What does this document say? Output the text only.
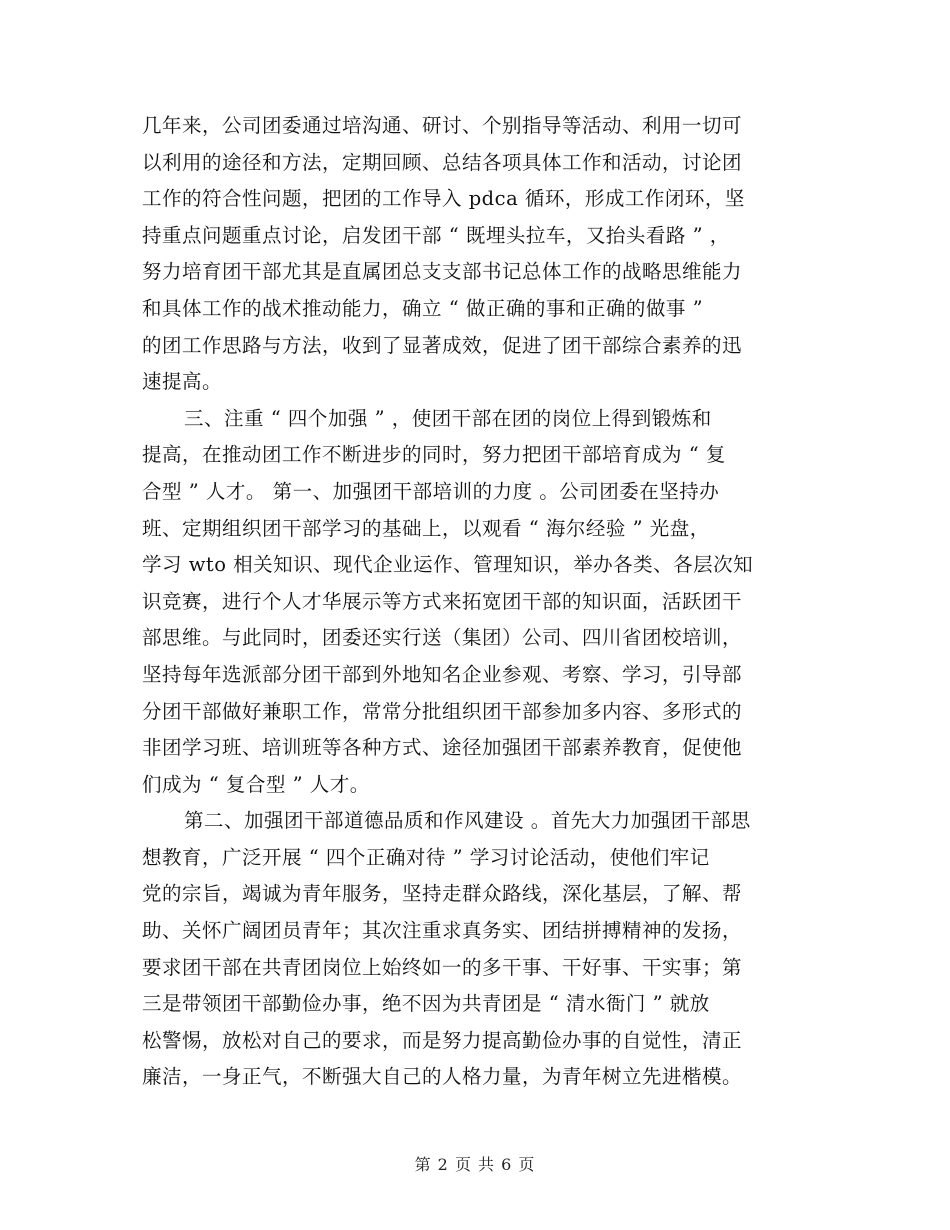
几年来，公司团委通过培沟通、研讨、个别指导等活动、利用一切可
以利用的途径和方法，定期回顾、总结各项具体工作和活动，讨论团
工作的符合性问题，把团的工作导入 pdca 循环，形成工作闭环，坚
持重点问题重点讨论，启发团干部 “ 既埋头拉车，又抬头看路 ” ，
努力培育团干部尤其是直属团总支支部书记总体工作的战略思维能力
和具体工作的战术推动能力，确立 “ 做正确的事和正确的做事 ”
的团工作思路与方法，收到了显著成效，促进了团干部综合素养的迅
速提高。

三、注重 “ 四个加强 ” ，使团干部在团的岗位上得到锻炼和
提高，在推动团工作不断进步的同时，努力把团干部培育成为 “ 复
合型 ” 人才。 第一、加强团干部培训的力度 。公司团委在坚持办
班、定期组织团干部学习的基础上，以观看 “ 海尔经验 ” 光盘，
学习 wto 相关知识、现代企业运作、管理知识，举办各类、各层次知
识竞赛，进行个人才华展示等方式来拓宽团干部的知识面，活跃团干
部思维。与此同时，团委还实行送（集团）公司、四川省团校培训，
坚持每年选派部分团干部到外地知名企业参观、考察、学习，引导部
分团干部做好兼职工作，常常分批组织团干部参加多内容、多形式的
非团学习班、培训班等各种方式、途径加强团干部素养教育，促使他
们成为 “ 复合型 ” 人才。

第二、加强团干部道德品质和作风建设 。首先大力加强团干部思
想教育，广泛开展 “ 四个正确对待 ” 学习讨论活动，使他们牢记
党的宗旨，竭诚为青年服务，坚持走群众路线，深化基层，了解、帮
助、关怀广阔团员青年；其次注重求真务实、团结拼搏精神的发扬，
要求团干部在共青团岗位上始终如一的多干事、干好事、干实事；第
三是带领团干部勤俭办事，绝不因为共青团是 “ 清水衙门 ” 就放
松警惕，放松对自己的要求，而是努力提高勤俭办事的自觉性，清正
廉洁，一身正气，不断强大自己的人格力量，为青年树立先进楷模。

第 2 页 共 6 页
